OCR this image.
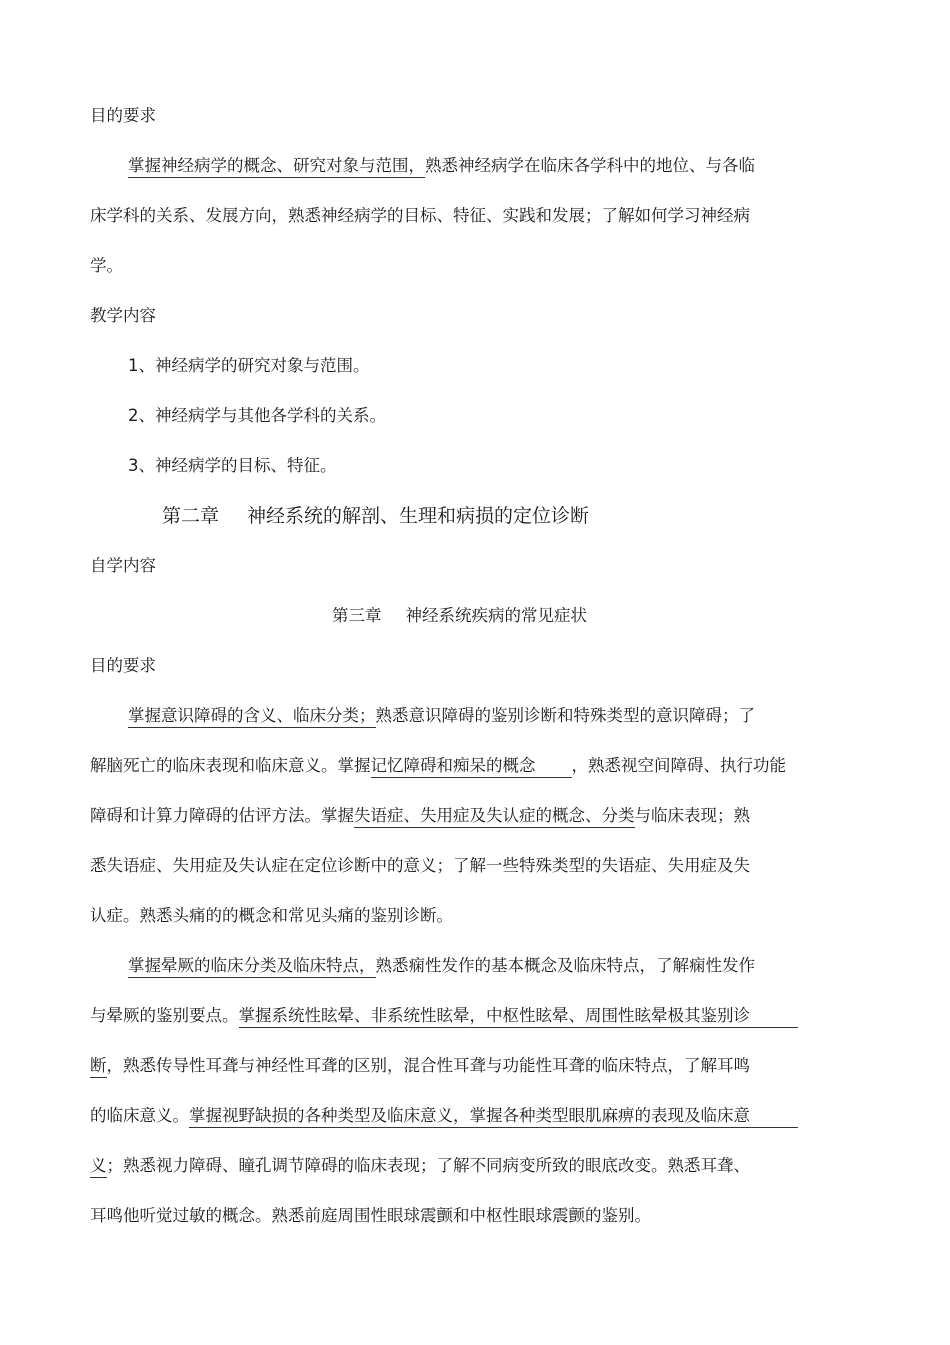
目的要求
掌握神经病学的概念、研究对象与范围，熟悉神经病学在临床各学科中的地位、与各临
床学科的关系、发展方向，熟悉神经病学的目标、特征、实践和发展；了解如何学习神经病
学。
教学内容
1、神经病学的研究对象与范围。
2、神经病学与其他各学科的关系。
3、神经病学的目标、特征。
第二章 神经系统的解剖、生理和病损的定位诊断
自学内容
第三章 神经系统疾病的常见症状
目的要求
掌握意识障碍的含义、临床分类；熟悉意识障碍的鉴别诊断和特殊类型的意识障碍；了
解脑死亡的临床表现和临床意义。掌握记忆障碍和痴呆的概念 ，熟悉视空间障碍、执行功能
障碍和计算力障碍的估评方法。掌握失语症、失用症及失认症的概念、分类与临床表现；熟
悉失语症、失用症及失认症在定位诊断中的意义；了解一些特殊类型的失语症、失用症及失
认症。熟悉头痛的的概念和常见头痛的鉴别诊断。
掌握晕厥的临床分类及临床特点，熟悉痫性发作的基本概念及临床特点，了解痫性发作
与晕厥的鉴别要点。掌握系统性眩晕、非系统性眩晕，中枢性眩晕、周围性眩晕极其鉴别诊
断，熟悉传导性耳聋与神经性耳聋的区别，混合性耳聋与功能性耳聋的临床特点，了解耳鸣
的临床意义。掌握视野缺损的各种类型及临床意义，掌握各种类型眼肌麻痹的表现及临床意
义；熟悉视力障碍、瞳孔调节障碍的临床表现；了解不同病变所致的眼底改变。熟悉耳聋、
耳鸣他听觉过敏的概念。熟悉前庭周围性眼球震颤和中枢性眼球震颤的鉴别。
